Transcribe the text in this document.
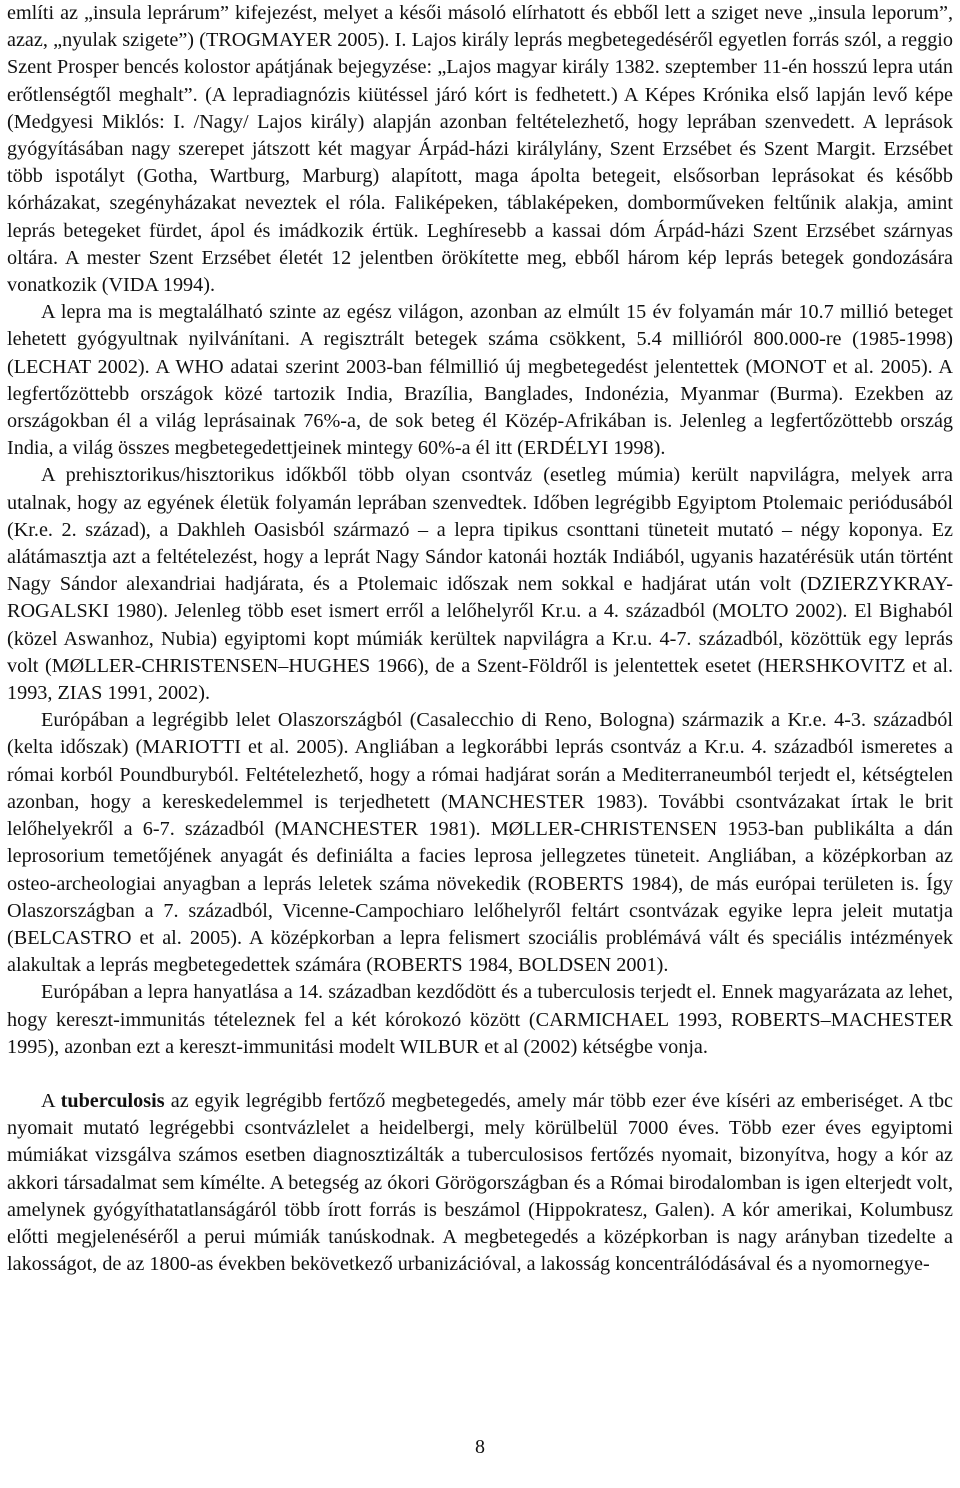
említi az „insula leprárum” kifejezést, melyet a késői másoló elírhatott és ebből lett a sziget neve „insula leporum”, azaz, „nyulak szigete”) (TROGMAYER 2005). I. Lajos király leprás megbetegedéséről egyetlen forrás szól, a reggio Szent Prosper bencés kolostor apátjának bejegyzése: „Lajos magyar király 1382. szeptember 11-én hosszú lepra után erőtlenségtől meghalt”. (A lepradiagnózis kiütéssel járó kórt is fedhetett.) A Képes Krónika első lapján levő képe (Medgyesi Miklós: I. /Nagy/ Lajos király) alapján azonban feltételezhető, hogy leprában szenvedett. A leprások gyógyításában nagy szerepet játszott két magyar Árpád-házi királylány, Szent Erzsébet és Szent Margit. Erzsébet több ispotályt (Gotha, Wartburg, Marburg) alapított, maga ápolta betegeit, elsősorban leprásokat és később kórházakat, szegényházakat neveztek el róla. Faliképeken, táblaképeken, domborműveken feltűnik alakja, amint leprás betegeket fürdet, ápol és imádkozik értük. Leghíresebb a kassai dóm Árpád-házi Szent Erzsébet szárnyas oltára. A mester Szent Erzsébet életét 12 jelentben örökítette meg, ebből három kép leprás betegek gondozására vonatkozik (VIDA 1994).

A lepra ma is megtalálható szinte az egész világon, azonban az elmúlt 15 év folyamán már 10.7 millió beteget lehetett gyógyultnak nyilvánítani. A regisztrált betegek száma csökkent, 5.4 millióról 800.000-re (1985-1998) (LECHAT 2002). A WHO adatai szerint 2003-ban félmillió új megbetegedést jelentettek (MONOT et al. 2005). A legfertőzöttebb országok közé tartozik India, Brazília, Banglades, Indonézia, Myanmar (Burma). Ezekben az országokban él a világ leprásainak 76%-a, de sok beteg él Közép-Afrikában is. Jelenleg a legfertőzöttebb ország India, a világ összes megbetegedettjeinek mintegy 60%-a él itt (ERDÉLYI 1998).

A prehisztorikus/hisztorikus időkből több olyan csontváz (esetleg múmia) került napvilágra, melyek arra utalnak, hogy az egyének életük folyamán leprában szenvedtek. Időben legrégibb Egyiptom Ptolemaic periódusából (Kr.e. 2. század), a Dakhleh Oasisból származó – a lepra tipikus csonttani tüneteit mutató – négy koponya. Ez alátámasztja azt a feltételezést, hogy a leprát Nagy Sándor katonái hozták Indiából, ugyanis hazatérésük után történt Nagy Sándor alexandriai hadjárata, és a Ptolemaic időszak nem sokkal e hadjárat után volt (DZIERZYKRAY-ROGALSKI 1980). Jelenleg több eset ismert erről a lelőhelyről Kr.u. a 4. századból (MOLTO 2002). El Bighaból (közel Aswanhoz, Nubia) egyiptomi kopt múmiák kerültek napvilágra a Kr.u. 4-7. századból, közöttük egy leprás volt (MØLLER-CHRISTENSEN–HUGHES 1966), de a Szent-Földről is jelentettek esetet (HERSHKOVITZ et al. 1993, ZIAS 1991, 2002).

Európában a legrégibb lelet Olaszországból (Casalecchio di Reno, Bologna) származik a Kr.e. 4-3. századból (kelta időszak) (MARIOTTI et al. 2005). Angliában a legkorábbi leprás csontváz a Kr.u. 4. századból ismeretes a római korból Poundburyból. Feltételezhető, hogy a római hadjárat során a Mediterraneumból terjedt el, kétségtelen azonban, hogy a kereskedelemmel is terjedhetett (MANCHESTER 1983). További csontvázakat írtak le brit lelőhelyekről a 6-7. századból (MANCHESTER 1981). MØLLER-CHRISTENSEN 1953-ban publikálta a dán leprosorium temetőjének anyagát és definiálta a facies leprosa jellegzetes tüneteit. Angliában, a középkorban az osteo-archeologiai anyagban a leprás leletek száma növekedik (ROBERTS 1984), de más európai területen is. Így Olaszországban a 7. századból, Vicenne-Campochiaro lelőhelyről feltárt csontvázak egyike lepra jeleit mutatja (BELCASTRO et al. 2005). A középkorban a lepra felismert szociális problémává vált és speciális intézmények alakultak a leprás megbetegedettek számára (ROBERTS 1984, BOLDSEN 2001).

Európában a lepra hanyatlása a 14. században kezdődött és a tuberculosis terjedt el. Ennek magyarázata az lehet, hogy kereszt-immunitás tételeznek fel a két kórokozó között (CARMICHAEL 1993, ROBERTS–MACHESTER 1995), azonban ezt a kereszt-immunitási modelt WILBUR et al (2002) kétségbe vonja.

A tuberculosis az egyik legrégibb fertőző megbetegedés, amely már több ezer éve kíséri az emberiséget. A tbc nyomait mutató legrégebbi csontvázlelet a heidelbergi, mely körülbelül 7000 éves. Több ezer éves egyiptomi múmiákat vizsgálva számos esetben diagnosztizálták a tuberculosisos fertőzés nyomait, bizonyítva, hogy a kór az akkori társadalmat sem kímélte. A betegség az ókori Görögországban és a Római birodalomban is igen elterjedt volt, amelynek gyógyíthatatlanságáról több írott forrás is beszámol (Hippokratesz, Galen). A kór amerikai, Kolumbusz előtti megjelenéséről a perui múmiák tanúskodnak. A megbetegedés a középkorban is nagy arányban tizedelte a lakosságot, de az 1800-as években bekövetkező urbanizációval, a lakosság koncentrálódásával és a nyomornegye-

8
